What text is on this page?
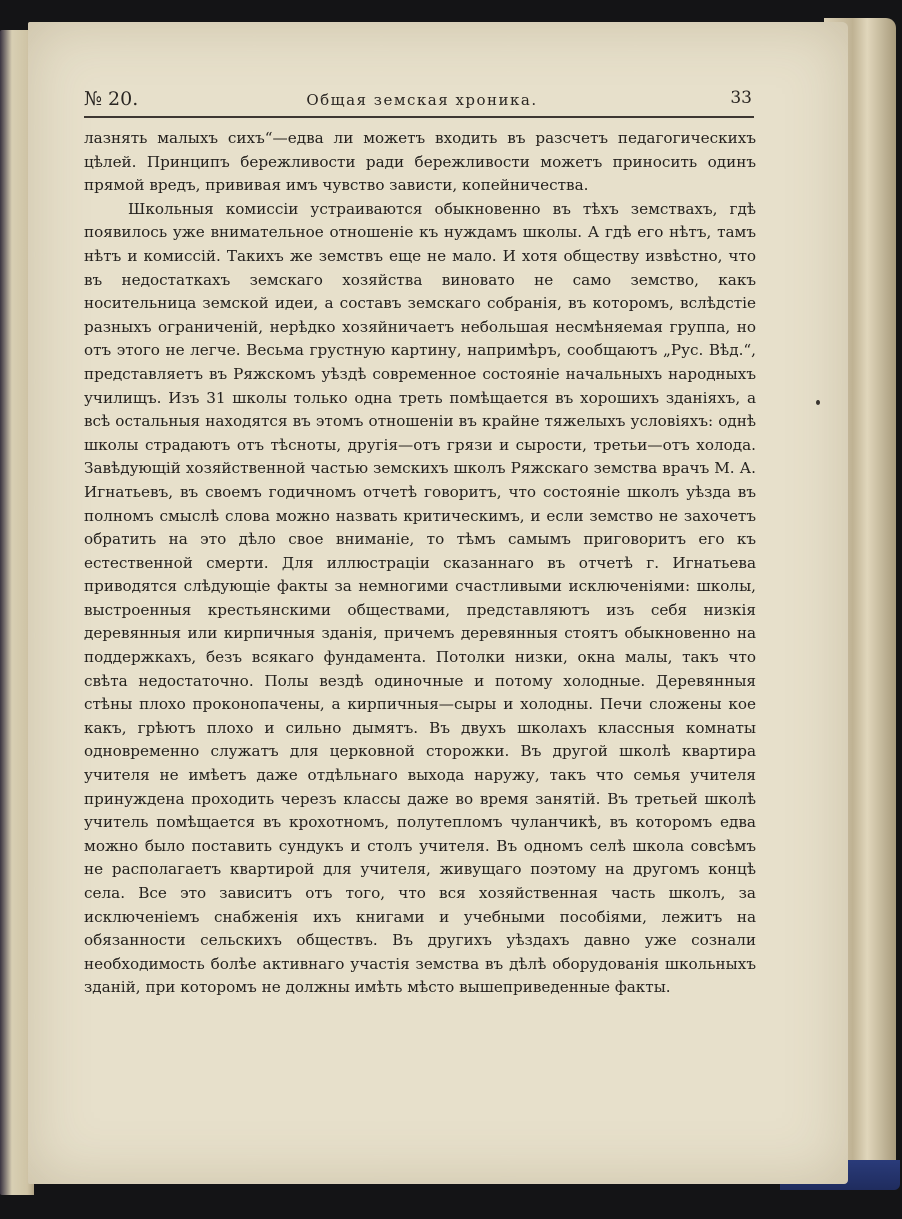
№ 20.	Общая земская хроника.	33

лазнять малыхъ сихъ“—едва ли можетъ входить въ разсчетъ педагогическихъ цѣлей. Принципъ бережливости ради бережливости можетъ приносить одинъ прямой вредъ, прививая имъ чувство зависти, копейничества.

Школьныя комиссіи устраиваются обыкновенно въ тѣхъ земствахъ, гдѣ появилось уже внимательное отношеніе къ нуждамъ школы. А гдѣ его нѣтъ, тамъ нѣтъ и комиссій. Такихъ же земствъ еще не мало. И хотя обществу извѣстно, что въ недостаткахъ земскаго хозяйства виновато не само земство, какъ носительница земской идеи, а составъ земскаго собранія, въ которомъ, вслѣдстіе разныхъ ограниченій, нерѣдко хозяйничаетъ небольшая несмѣняемая группа, но отъ этого не легче. Весьма грустную картину, напримѣръ, сообщаютъ „Рус. Вѣд.“, представляетъ въ Ряжскомъ уѣздѣ современное состояніе начальныхъ народныхъ училищъ. Изъ 31 школы только одна треть помѣщается въ хорошихъ зданіяхъ, а всѣ остальныя находятся въ этомъ отношеніи въ крайне тяжелыхъ условіяхъ: однѣ школы страдаютъ отъ тѣсноты, другія—отъ грязи и сырости, третьи—отъ холода. Завѣдующій хозяйственной частью земскихъ школъ Ряжскаго земства врачъ М. А. Игнатьевъ, въ своемъ годичномъ отчетѣ говоритъ, что состояніе школъ уѣзда въ полномъ смыслѣ слова можно назвать критическимъ, и если земство не захочетъ обратить на это дѣло свое вниманіе, то тѣмъ самымъ приговоритъ его къ естественной смерти. Для иллюстраціи сказаннаго въ отчетѣ г. Игнатьева приводятся слѣдующіе факты за немногими счастливыми исключеніями: школы, выстроенныя крестьянскими обществами, представляютъ изъ себя низкія деревянныя или кирпичныя зданія, причемъ деревянныя стоятъ обыкновенно на поддержкахъ, безъ всякаго фундамента. Потолки низки, окна малы, такъ что свѣта недостаточно. Полы вездѣ одиночные и потому холодные. Деревянныя стѣны плохо проконопачены, а кирпичныя—сыры и холодны. Печи сложены кое какъ, грѣютъ плохо и сильно дымятъ. Въ двухъ школахъ классныя комнаты одновременно служатъ для церковной сторожки. Въ другой школѣ квартира учителя не имѣетъ даже отдѣльнаго выхода наружу, такъ что семья учителя принуждена проходить черезъ классы даже во время занятій. Въ третьей школѣ учитель помѣщается въ крохотномъ, полутепломъ чуланчикѣ, въ которомъ едва можно было поставить сундукъ и столъ учителя. Въ одномъ селѣ школа совсѣмъ не располагаетъ квартирой для учителя, живущаго поэтому на другомъ концѣ села. Все это зависитъ отъ того, что вся хозяйственная часть школъ, за исключеніемъ снабженія ихъ книгами и учебными пособіями, лежитъ на обязанности сельскихъ обществъ. Въ другихъ уѣздахъ давно уже сознали необходимость болѣе активнаго участія земства въ дѣлѣ оборудованія школьныхъ зданій, при которомъ не должны имѣть мѣсто вышеприведенные факты.
